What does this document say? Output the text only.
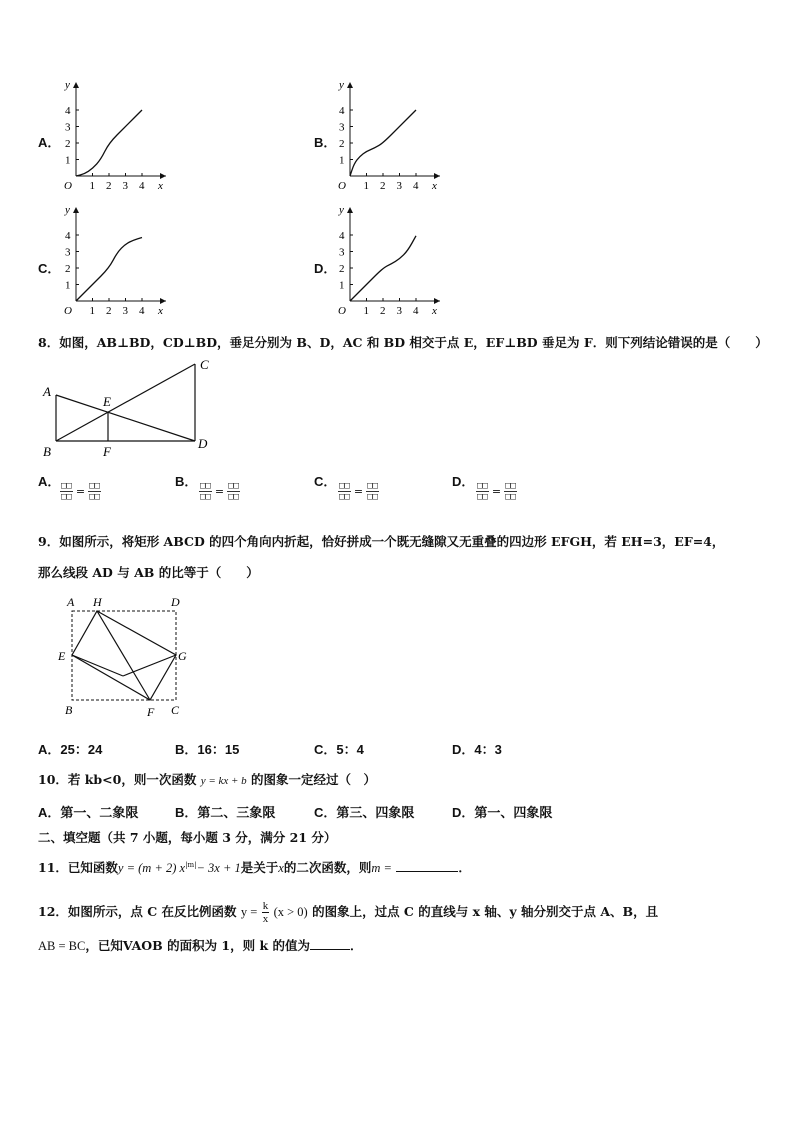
A．
1
1
2
2
3
3
4
4
O	x
y
B．
1
1
2
2
3
3
4
4
O	x
y
C．
1
1
2
2
3
3
4
4
O	x
y
D．
1
1
2
2
3
3
4
4
O	x
y
8．如图，AB⊥BD，CD⊥BD，垂足分别为 B、D，AC 和 BD 相交于点 E，EF⊥BD 垂足为 F．则下列结论错误的是（　　）
A
B
C
D
E
F
A． $\frac{□□}{□□} = \frac{□□}{□□}$	B． $\frac{□□}{□□} = \frac{□□}{□□}$	C． $\frac{□□}{□□} = \frac{□□}{□□}$	D． $\frac{□□}{□□} = \frac{□□}{□□}$
9．如图所示，将矩形 ABCD 的四个角向内折起，恰好拼成一个既无缝隙又无重叠的四边形 EFGH，若 EH=3，EF=4，
那么线段 AD 与 AB 的比等于（　　）
A H	D
E	G
B	F C
A．25：24	B．16：15	C．5：4	D．4：3
10．若 kb<0，则一次函数 y = kx + b 的图象一定经过（　）
A．第一、二象限	B．第二、三象限	C．第三、四象限	D．第一、四象限
二、填空题（共 7 小题，每小题 3 分，满分 21 分）
11．已知函数y = (m + 2) $x^{|m|}- 3x + 1$是关于x的二次函数，则m =	．
12．如图所示，点 C 在反比例函数 $y = \frac{k}{x} (x > 0)$ 的图象上，过点 C 的直线与 x 轴、y 轴分别交于点 A、B，且
AB = BC，已知VAOB 的面积为 1，则 k 的值为	．
